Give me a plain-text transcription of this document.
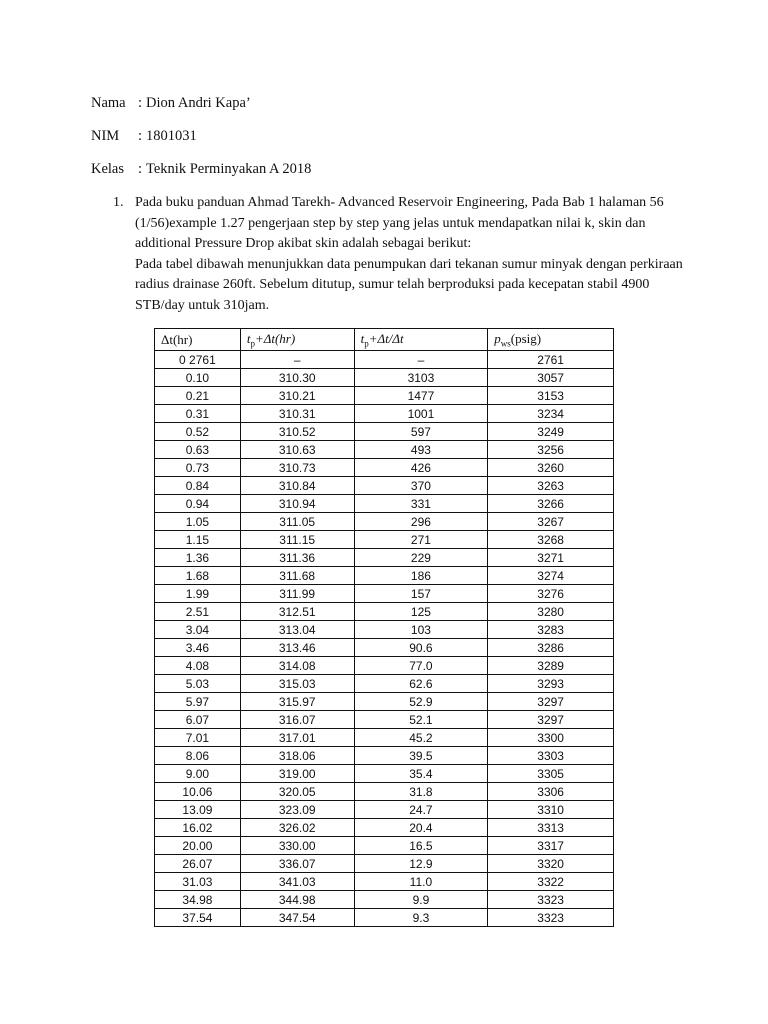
Nama : Dion Andri Kapa’
NIM	: 1801031
Kelas : Teknik Perminyakan A 2018
1. Pada buku panduan Ahmad Tarekh- Advanced Reservoir Engineering, Pada Bab 1 halaman 56 (1/56)example 1.27 pengerjaan step by step yang jelas untuk mendapatkan nilai k, skin dan additional Pressure Drop akibat skin adalah sebagai berikut:
Pada tabel dibawah menunjukkan data penumpukan dari tekanan sumur minyak dengan perkiraan radius drainase 260ft. Sebelum ditutup, sumur telah berproduksi pada kecepatan stabil 4900 STB/day untuk 310jam.
Δt(hr)	$t_p+\Delta t(hr)$	$t_p+\Delta t/\Delta t$	$p_{ws}(psig)$
0 2761	–	–	2761
0.10	310.30	3103	3057
0.21	310.21	1477	3153
0.31	310.31	1001	3234
0.52	310.52	597	3249
0.63	310.63	493	3256
0.73	310.73	426	3260
0.84	310.84	370	3263
0.94	310.94	331	3266
1.05	311.05	296	3267
1.15	311.15	271	3268
1.36	311.36	229	3271
1.68	311.68	186	3274
1.99	311.99	157	3276
2.51	312.51	125	3280
3.04	313.04	103	3283
3.46	313.46	90.6	3286
4.08	314.08	77.0	3289
5.03	315.03	62.6	3293
5.97	315.97	52.9	3297
6.07	316.07	52.1	3297
7.01	317.01	45.2	3300
8.06	318.06	39.5	3303
9.00	319.00	35.4	3305
10.06	320.05	31.8	3306
13.09	323.09	24.7	3310
16.02	326.02	20.4	3313
20.00	330.00	16.5	3317
26.07	336.07	12.9	3320
31.03	341.03	11.0	3322
34.98	344.98	9.9	3323
37.54	347.54	9.3	3323
